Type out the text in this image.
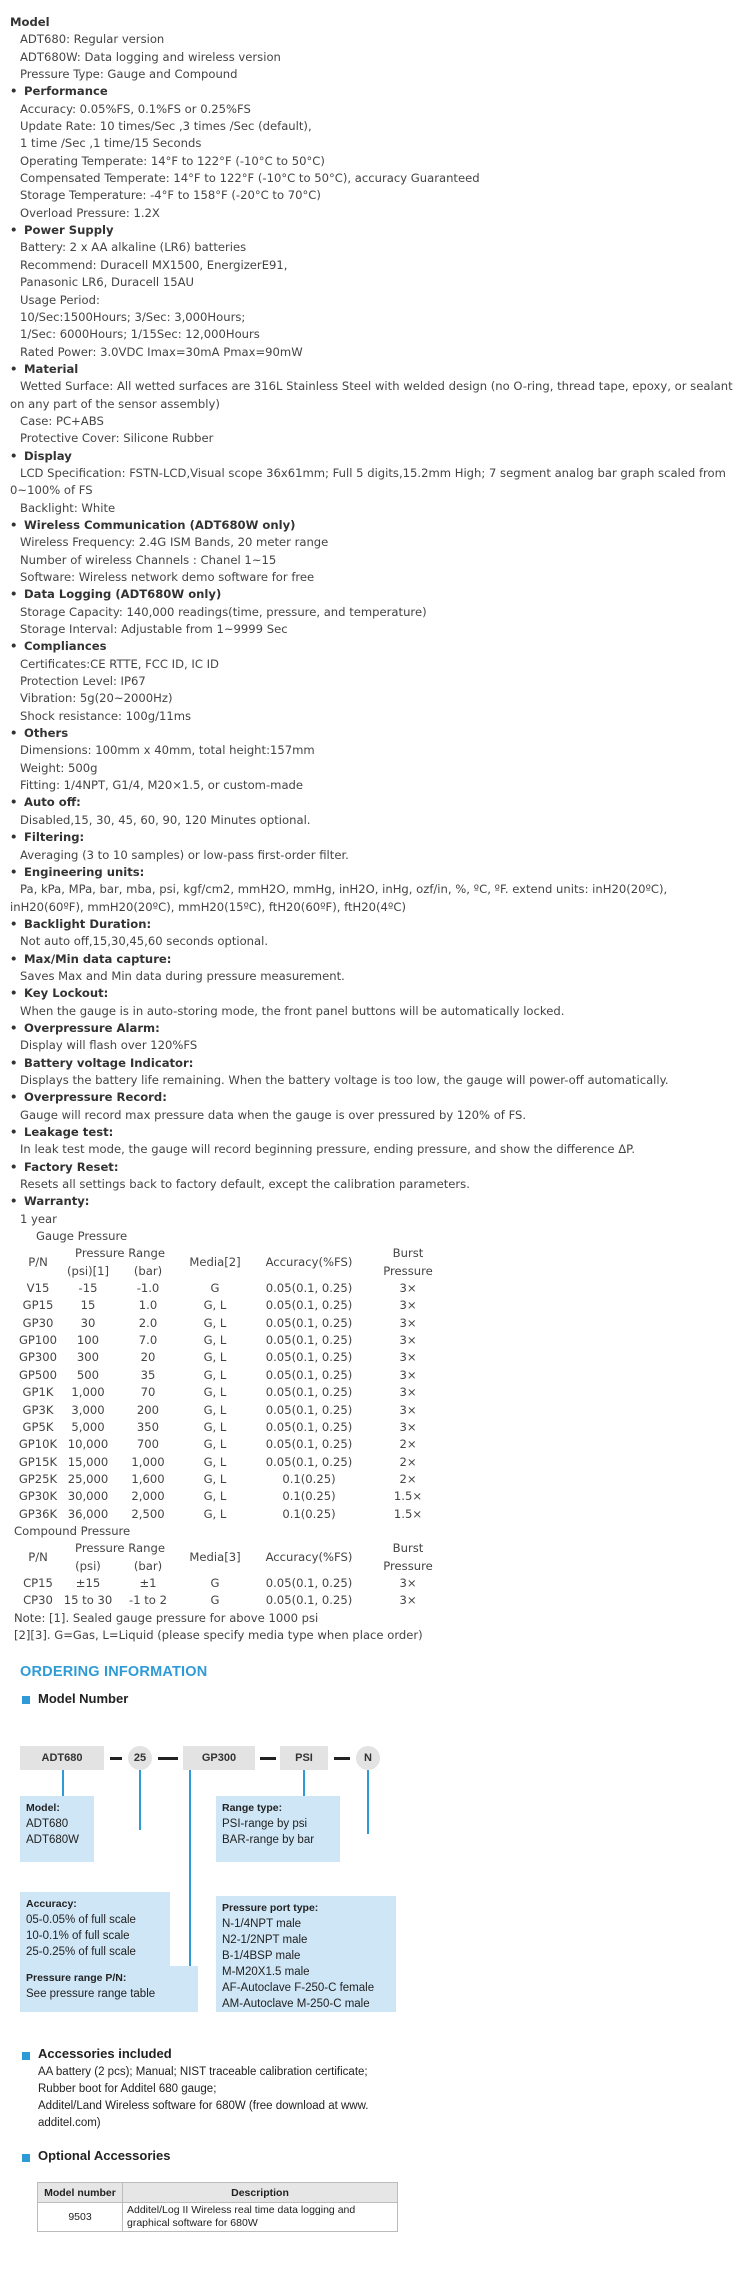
Model
ADT680: Regular version
ADT680W: Data logging and wireless version
Pressure Type: Gauge and Compound
• Performance
Accuracy: 0.05%FS, 0.1%FS or 0.25%FS
Update Rate: 10 times/Sec ,3 times /Sec (default),
1 time /Sec ,1 time/15 Seconds
Operating Temperate: 14°F to 122°F (-10°C to 50°C)
Compensated Temperate: 14°F to 122°F (-10°C to 50°C), accuracy Guaranteed
Storage Temperature: -4°F to 158°F (-20°C to 70°C)
Overload Pressure: 1.2X
• Power Supply
Battery: 2 x AA alkaline (LR6) batteries
Recommend: Duracell MX1500, EnergizerE91,
Panasonic LR6, Duracell 15AU
Usage Period:
10/Sec:1500Hours; 3/Sec: 3,000Hours;
1/Sec: 6000Hours; 1/15Sec: 12,000Hours
Rated Power: 3.0VDC Imax=30mA Pmax=90mW
• Material
Wetted Surface: All wetted surfaces are 316L Stainless Steel with welded design (no O-ring, thread tape, epoxy, or sealant on any part of the sensor assembly)
Case: PC+ABS
Protective Cover: Silicone Rubber
• Display
LCD Specification: FSTN-LCD,Visual scope 36x61mm; Full 5 digits,15.2mm High; 7 segment analog bar graph scaled from 0~100% of FS
Backlight: White
• Wireless Communication (ADT680W only)
Wireless Frequency: 2.4G ISM Bands, 20 meter range
Number of wireless Channels : Chanel 1~15
Software: Wireless network demo software for free
• Data Logging (ADT680W only)
Storage Capacity: 140,000 readings(time, pressure, and temperature)
Storage Interval: Adjustable from 1~9999 Sec
• Compliances
Certificates:CE RTTE, FCC ID, IC ID
Protection Level: IP67
Vibration: 5g(20~2000Hz)
Shock resistance: 100g/11ms
• Others
Dimensions: 100mm x 40mm, total height:157mm
Weight: 500g
Fitting: 1/4NPT, G1/4, M20×1.5, or custom-made
• Auto off:
Disabled,15, 30, 45, 60, 90, 120 Minutes optional.
• Filtering:
Averaging (3 to 10 samples) or low-pass first-order filter.
• Engineering units:
Pa, kPa, MPa, bar, mba, psi, kgf/cm2, mmH2O, mmHg, inH2O, inHg, ozf/in, %, ºC, ºF. extend units: inH20(20ºC), inH20(60ºF), mmH20(20ºC), mmH20(15ºC), ftH20(60ºF), ftH20(4ºC)
• Backlight Duration:
Not auto off,15,30,45,60 seconds optional.
• Max/Min data capture:
Saves Max and Min data during pressure measurement.
• Key Lockout:
When the gauge is in auto-storing mode, the front panel buttons will be automatically locked.
• Overpressure Alarm:
Display will flash over 120%FS
• Battery voltage Indicator:
Displays the battery life remaining. When the battery voltage is too low, the gauge will power-off automatically.
• Overpressure Record:
Gauge will record max pressure data when the gauge is over pressured by 120% of FS.
• Leakage test:
In leak test mode, the gauge will record beginning pressure, ending pressure, and show the difference ΔP.
• Factory Reset:
Resets all settings back to factory default, except the calibration parameters.
• Warranty:
1 year
Gauge Pressure
P/N	Pressure Range		Media[2]	Accuracy(%FS)	Burst
Pressure

	(psi)[1]	(bar)			
V15	-15	-1.0	G	0.05(0.1, 0.25)	3×
GP15	15	1.0	G, L	0.05(0.1, 0.25)	3×
GP30	30	2.0	G, L	0.05(0.1, 0.25)	3×
GP100	100	7.0	G, L	0.05(0.1, 0.25)	3×
GP300	300	20	G, L	0.05(0.1, 0.25)	3×
GP500	500	35	G, L	0.05(0.1, 0.25)	3×
GP1K	1,000	70	G, L	0.05(0.1, 0.25)	3×
GP3K	3,000	200	G, L	0.05(0.1, 0.25)	3×
GP5K	5,000	350	G, L	0.05(0.1, 0.25)	3×
GP10K	10,000	700	G, L	0.05(0.1, 0.25)	2×
GP15K	15,000	1,000	G, L	0.05(0.1, 0.25)	2×
GP25K	25,000	1,600	G, L	0.1(0.25)	2×
GP30K	30,000	2,000	G, L	0.1(0.25)	1.5×
GP36K	36,000	2,500	G, L	0.1(0.25)	1.5×
Compound Pressure
P/N	Pressure Range		Media[3]	Accuracy(%FS)	Burst
Pressure

	(psi)	(bar)			
CP15	±15	±1	G	0.05(0.1, 0.25)	3×
CP30	15 to 30	-1 to 2	G	0.05(0.1, 0.25)	3×
Note: [1]. Sealed gauge pressure for above 1000 psi
[2][3]. G=Gas, L=Liquid (please specify media type when place order)
ORDERING INFORMATION
Model Number
ADT680	25	GP300	PSI	N
Model:
ADT680
ADT680W
Accuracy:
05-0.05% of full scale
10-0.1% of full scale
25-0.25% of full scale
Pressure range P/N:
See pressure range table
Range type:
PSI-range by psi
BAR-range by bar
Pressure port type:
N-1/4NPT male
N2-1/2NPT male
B-1/4BSP male
M-M20X1.5 male
AF-Autoclave F-250-C female
AM-Autoclave M-250-C male
Accessories included
AA battery (2 pcs); Manual; NIST traceable calibration certificate;
Rubber boot for Additel 680 gauge;
Additel/Land Wireless software for 680W (free download at www.
additel.com)
Optional Accessories
Model number	Description
9503	Additel/Log II Wireless real time data logging and graphical software for 680W
